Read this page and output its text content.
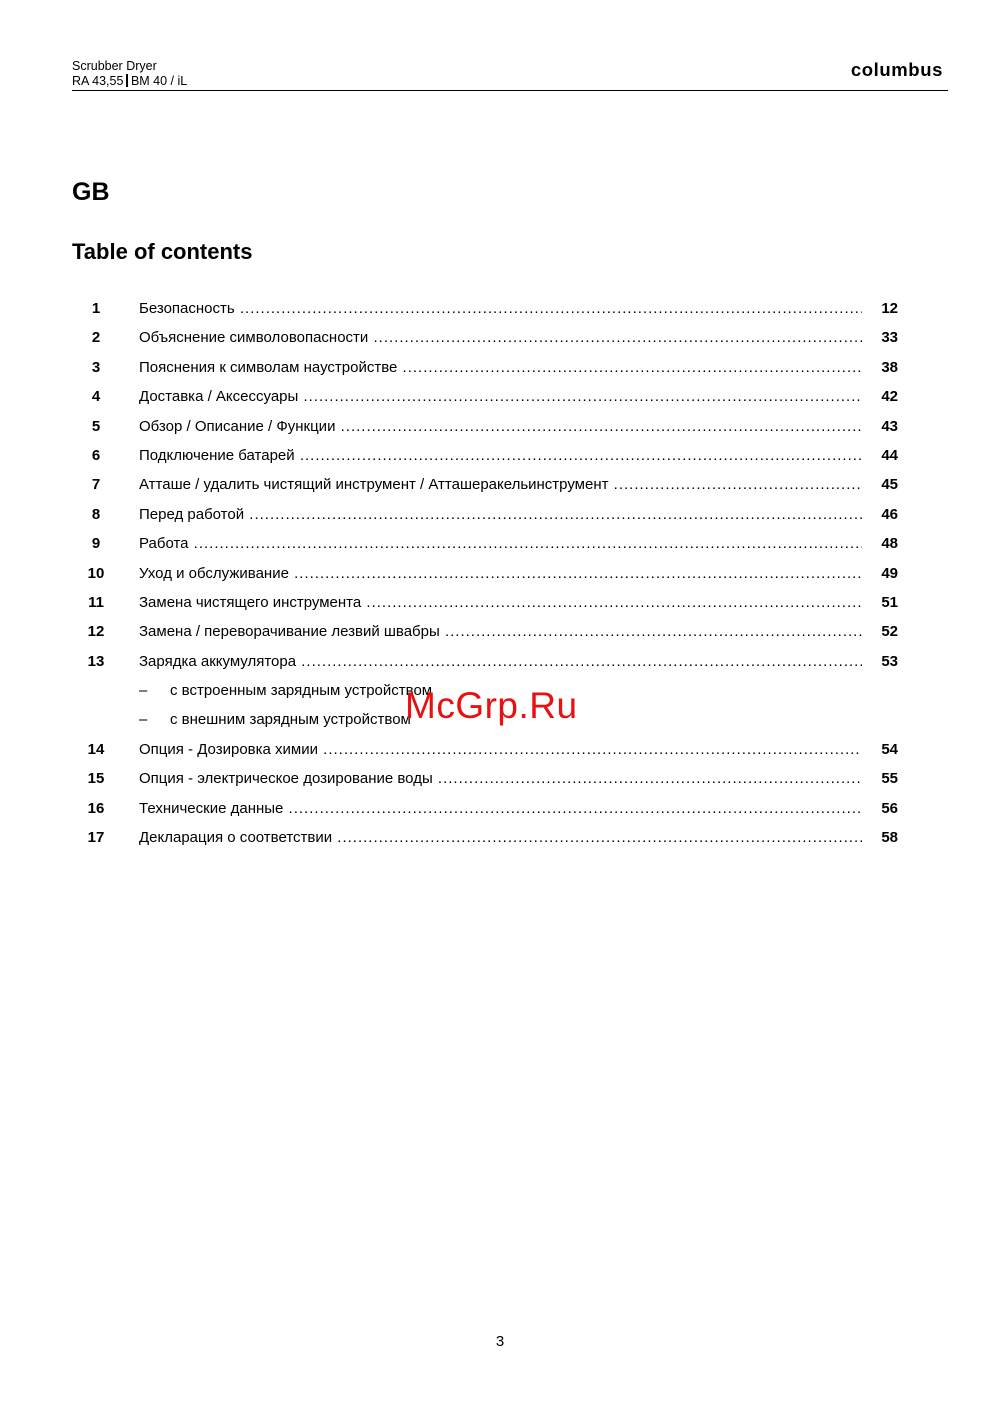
Scrubber Dryer
RA 43,55 BM 40 / iL
columbus
GB
Table of contents
1	Безопасность .....	12
2	Объяснение символовопасности .....	33
3	Пояснения к символам наустройстве .....	38
4	Доставка / Аксессуары .....	42
5	Обзор / Описание / Функции .....	43
6	Подключение батарей .....	44
7	Атташе / удалить чистящий инструмент / Атташеракельинструмент .....	45
8	Перед работой .....	46
9	Работа .....	48
10	Уход и обслуживание .....	49
11	Замена чистящего инструмента .....	51
12	Замена / переворачивание лезвий швабры .....	52
13	Зарядка аккумулятора .....	53
– с встроенным зарядным устройством
– с внешним зарядным устройством
14	Опция - Дозировка химии .....	54
15	Опция - электрическое дозирование воды .....	55
16	Технические данные .....	56
17	Декларация о соответствии .....	58
McGrp.Ru
3
